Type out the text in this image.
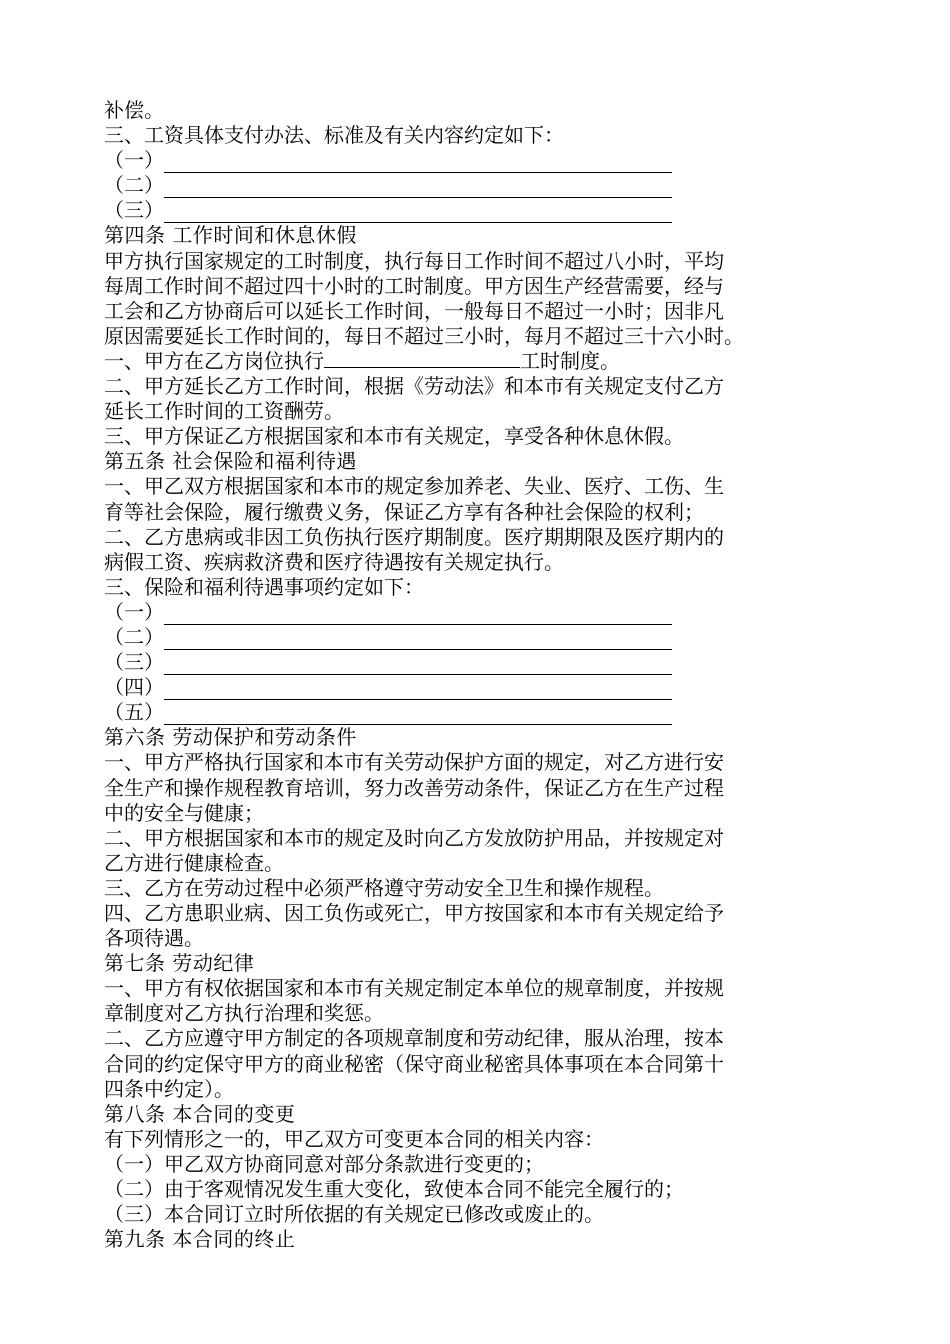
补偿。
三、工资具体支付办法、标准及有关内容约定如下：
（一）
（二）
（三）
第四条 工作时间和休息休假
甲方执行国家规定的工时制度，执行每日工作时间不超过八小时，平均
每周工作时间不超过四十小时的工时制度。甲方因生产经营需要，经与
工会和乙方协商后可以延长工作时间，一般每日不超过一小时；因非凡
原因需要延长工作时间的，每日不超过三小时，每月不超过三十六小时。
一、甲方在乙方岗位执行	工时制度。
二、甲方延长乙方工作时间，根据《劳动法》和本市有关规定支付乙方
延长工作时间的工资酬劳。
三、甲方保证乙方根据国家和本市有关规定，享受各种休息休假。
第五条 社会保险和福利待遇
一、甲乙双方根据国家和本市的规定参加养老、失业、医疗、工伤、生
育等社会保险，履行缴费义务，保证乙方享有各种社会保险的权利；
二、乙方患病或非因工负伤执行医疗期制度。医疗期期限及医疗期内的
病假工资、疾病救济费和医疗待遇按有关规定执行。
三、保险和福利待遇事项约定如下：
（一）
（二）
（三）
（四）
（五）
第六条 劳动保护和劳动条件
一、甲方严格执行国家和本市有关劳动保护方面的规定，对乙方进行安
全生产和操作规程教育培训，努力改善劳动条件，保证乙方在生产过程
中的安全与健康；
二、甲方根据国家和本市的规定及时向乙方发放防护用品，并按规定对
乙方进行健康检查。
三、乙方在劳动过程中必须严格遵守劳动安全卫生和操作规程。
四、乙方患职业病、因工负伤或死亡，甲方按国家和本市有关规定给予
各项待遇。
第七条 劳动纪律
一、甲方有权依据国家和本市有关规定制定本单位的规章制度，并按规
章制度对乙方执行治理和奖惩。
二、乙方应遵守甲方制定的各项规章制度和劳动纪律，服从治理，按本
合同的约定保守甲方的商业秘密（保守商业秘密具体事项在本合同第十
四条中约定）。
第八条 本合同的变更
有下列情形之一的，甲乙双方可变更本合同的相关内容：
（一）甲乙双方协商同意对部分条款进行变更的；
（二）由于客观情况发生重大变化，致使本合同不能完全履行的；
（三）本合同订立时所依据的有关规定已修改或废止的。
第九条 本合同的终止
